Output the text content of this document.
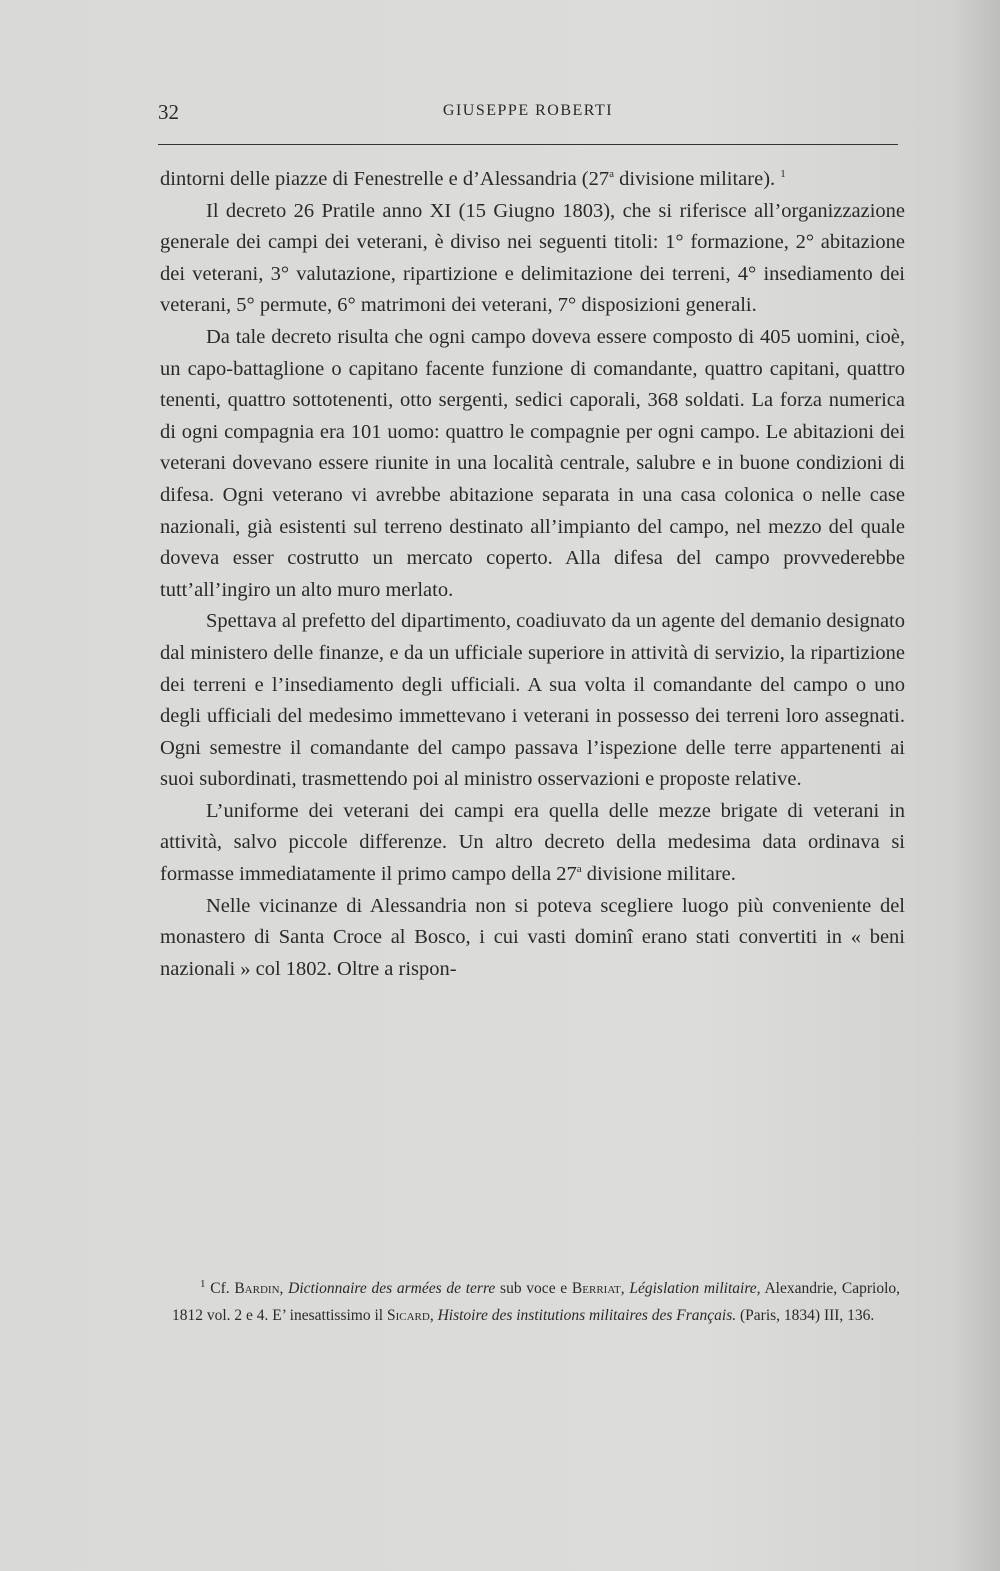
32	GIUSEPPE ROBERTI

dintorni delle piazze di Fenestrelle e d’Alessandria (27$^a$ divisione militare). $^1$

Il decreto 26 Pratile anno XI (15 Giugno 1803), che si riferisce all’organizzazione generale dei campi dei veterani, è diviso nei seguenti titoli: 1° formazione, 2° abitazione dei veterani, 3° valutazione, ripartizione e delimitazione dei terreni, 4° insediamento dei veterani, 5° permute, 6° matrimoni dei veterani, 7° disposizioni generali.

Da tale decreto risulta che ogni campo doveva essere composto di 405 uomini, cioè, un capo-battaglione o capitano facente funzione di comandante, quattro capitani, quattro tenenti, quattro sottotenenti, otto sergenti, sedici caporali, 368 soldati. La forza numerica di ogni compagnia era 101 uomo: quattro le compagnie per ogni campo. Le abitazioni dei veterani dovevano essere riunite in una località centrale, salubre e in buone condizioni di difesa. Ogni veterano vi avrebbe abitazione separata in una casa colonica o nelle case nazionali, già esistenti sul terreno destinato all’impianto del campo, nel mezzo del quale doveva esser costrutto un mercato coperto. Alla difesa del campo provvederebbe tutt’all’ingiro un alto muro merlato.

Spettava al prefetto del dipartimento, coadiuvato da un agente del demanio designato dal ministero delle finanze, e da un ufficiale superiore in attività di servizio, la ripartizione dei terreni e l’insediamento degli ufficiali. A sua volta il comandante del campo o uno degli ufficiali del medesimo immettevano i veterani in possesso dei terreni loro assegnati. Ogni semestre il comandante del campo passava l’ispezione delle terre appartenenti ai suoi subordinati, trasmettendo poi al ministro osservazioni e proposte relative.

L’uniforme dei veterani dei campi era quella delle mezze brigate di veterani in attività, salvo piccole differenze. Un altro decreto della medesima data ordinava si formasse immediatamente il primo campo della 27$^a$ divisione militare.

Nelle vicinanze di Alessandria non si poteva scegliere luogo più conveniente del monastero di Santa Croce al Bosco, i cui vasti dominî erano stati convertiti in « beni nazionali » col 1802. Oltre a rispon-

$^1$ Cf. Bardin, Dictionnaire des armées de terre sub voce e Berriat, Législation militaire, Alexandrie, Capriolo, 1812 vol. 2 e 4. E’ inesattissimo il Sicard, Histoire des institutions militaires des Français. (Paris, 1834) III, 136.
